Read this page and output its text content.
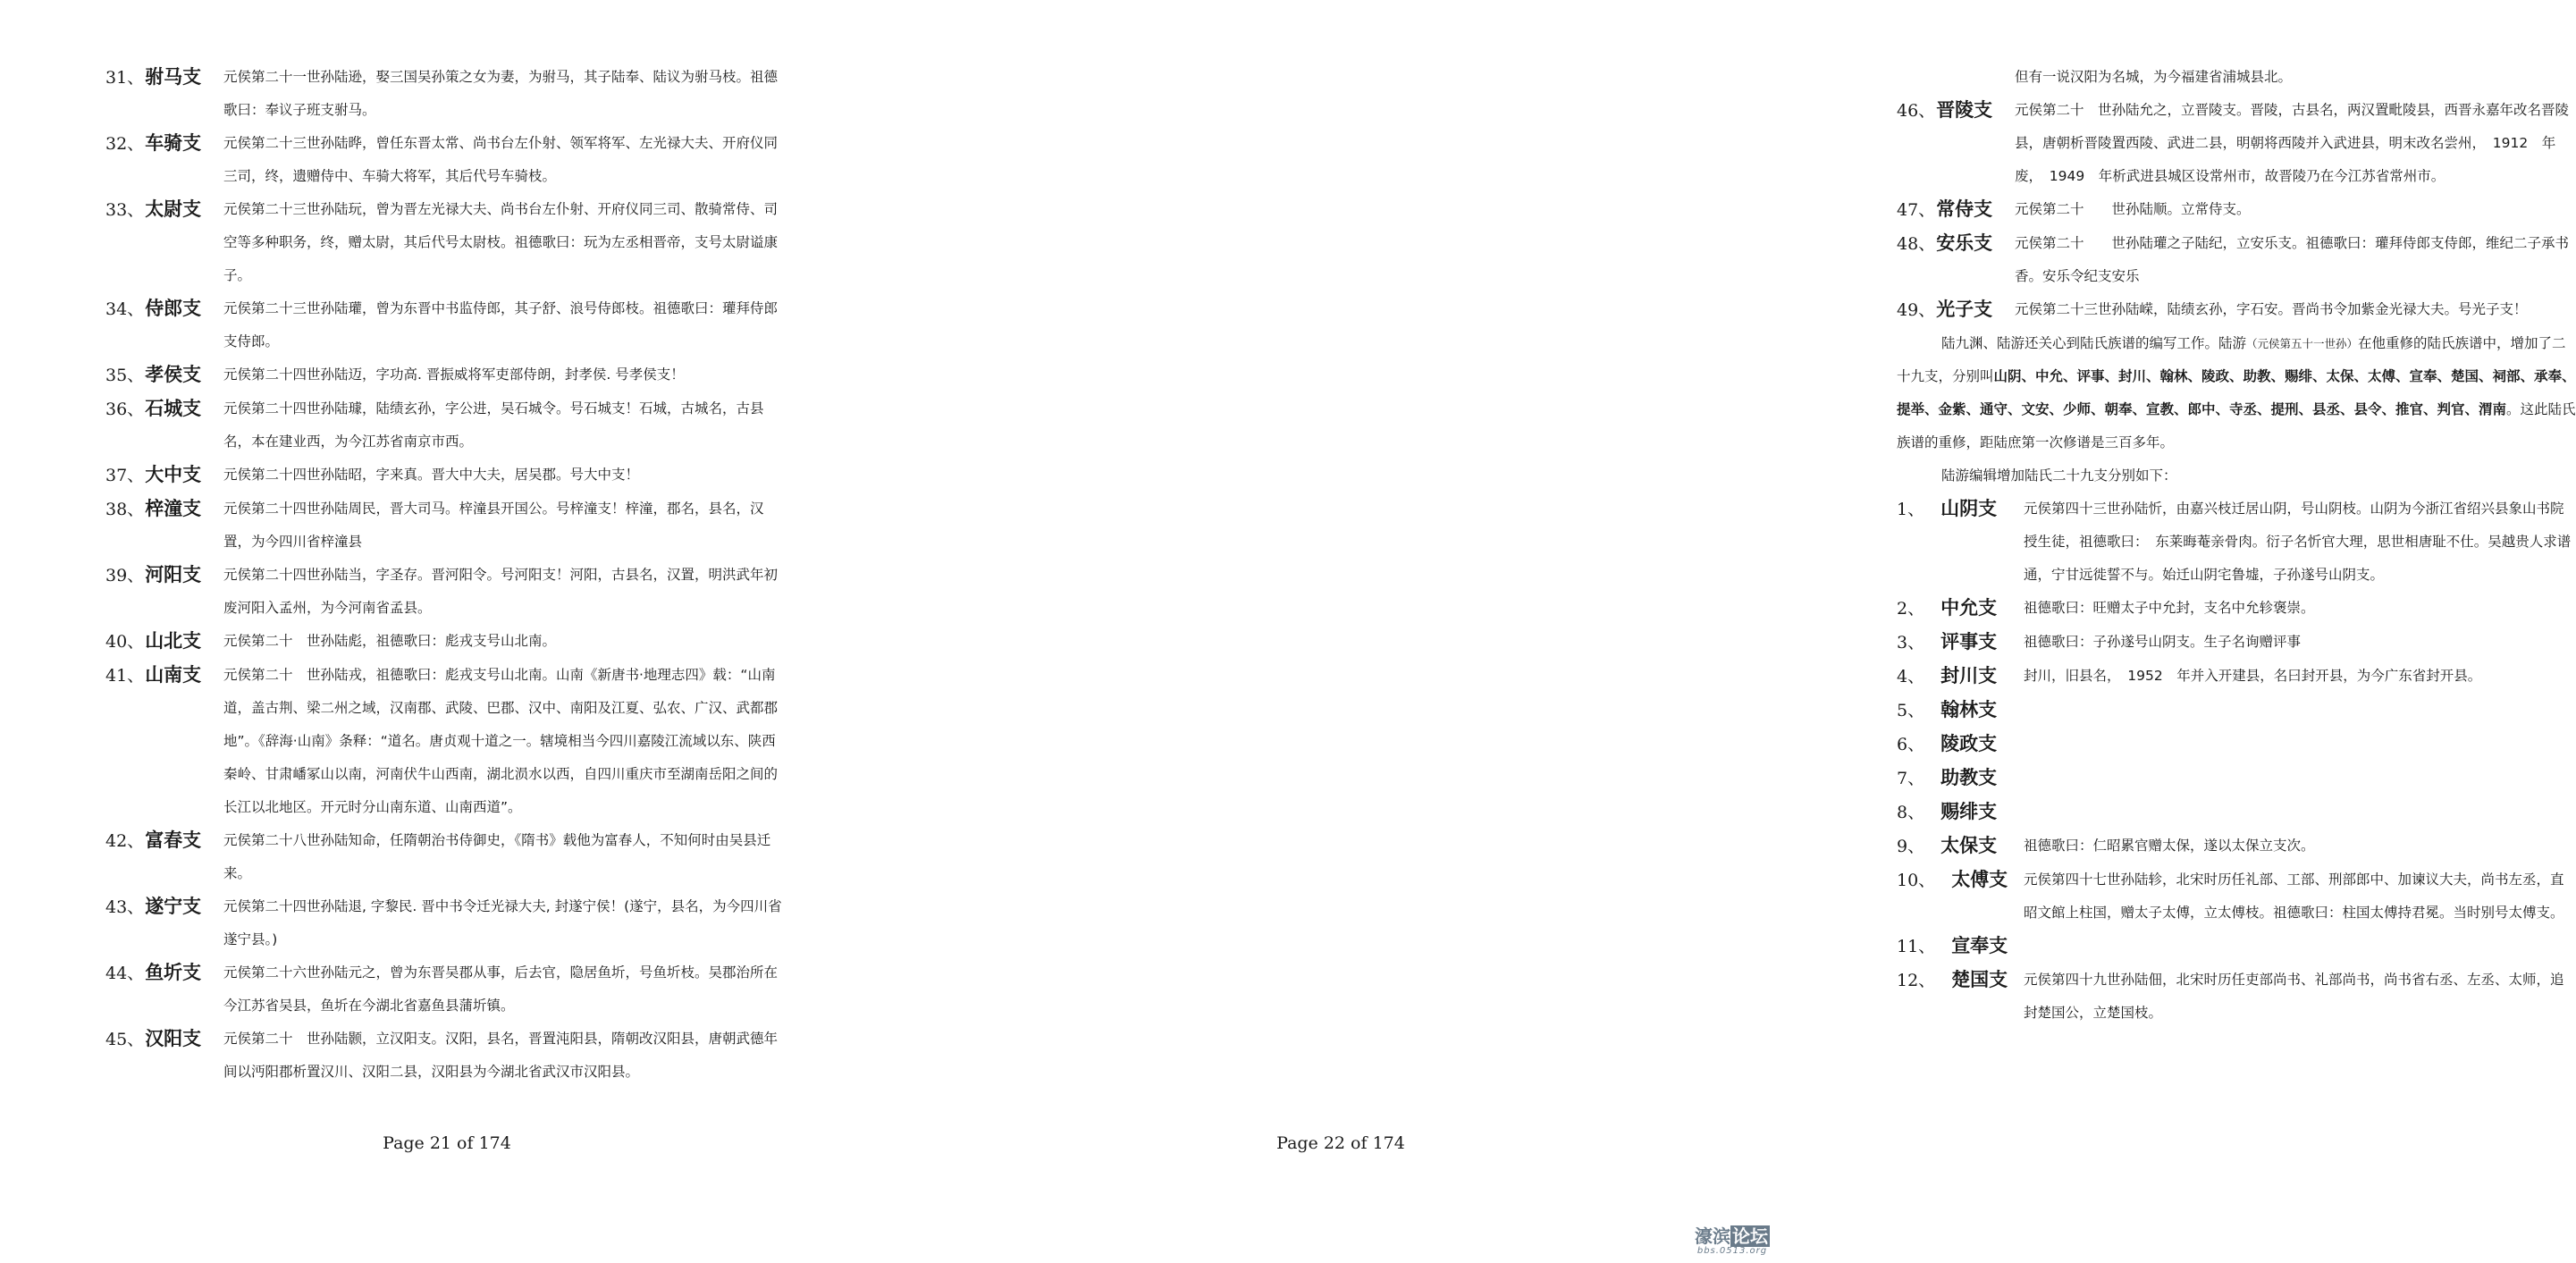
31、 驸马支 元侯第二十一世孙陆逊，娶三国吴孙策之女为妻，为驸马，其子陆奉、陆议为驸马枝。祖德歌曰：奉议子班支驸马。
32、 车骑支 元侯第二十三世孙陆晔，曾任东晋太常、尚书台左仆射、领军将军、左光禄大夫、开府仪同三司，终，遗赠侍中、车骑大将军，其后代号车骑枝。
33、 太尉支 元侯第二十三世孙陆玩，曾为晋左光禄大夫、尚书台左仆射、开府仪同三司、散骑常侍、司空等多种职务，终，赠太尉，其后代号太尉枝。祖德歌曰：玩为左丞相晋帝，支号太尉谥康子。
34、 侍郎支 元侯第二十三世孙陆瓘，曾为东晋中书监侍郎，其子舒、浪号侍郎枝。祖德歌曰：瓘拜侍郎支侍郎。
35、 孝侯支 元侯第二十四世孙陆迈，字功高. 晋振威将军吏部侍朗，封孝侯. 号孝侯支！
36、 石城支 元侯第二十四世孙陆璩，陆绩玄孙，字公进，吴石城令。号石城支！石城，古城名，古县名，本在建业西，为今江苏省南京市西。
37、 大中支 元侯第二十四世孙陆昭，字来真。晋大中大夫，居吴郡。号大中支！
38、 梓潼支 元侯第二十四世孙陆周民，晋大司马。梓潼县开国公。号梓潼支！梓潼，郡名，县名，汉置，为今四川省梓潼县
39、 河阳支 元侯第二十四世孙陆当，字圣存。晋河阳令。号河阳支！河阳，古县名，汉置，明洪武年初废河阳入孟州，为今河南省孟县。
40、 山北支 元侯第二十　世孙陆彪，祖德歌曰：彪戎支号山北南。
41、 山南支 元侯第二十　世孙陆戎，祖德歌曰：彪戎支号山北南。山南《新唐书·地理志四》载：“山南道，盖古荆、梁二州之域，汉南郡、武陵、巴郡、汉中、南阳及江夏、弘农、广汉、武都郡地”。《辞海·山南》条释：“道名。唐贞观十道之一。辖境相当今四川嘉陵江流域以东、陕西秦岭、甘肃嶓冢山以南，河南伏牛山西南，湖北涢水以西，自四川重庆市至湖南岳阳之间的长江以北地区。开元时分山南东道、山南西道”。
42、 富春支 元侯第二十八世孙陆知命，任隋朝治书侍御史，《隋书》载他为富春人，不知何时由吴县迁来。
43、 遂宁支 元侯第二十四世孙陆退, 字黎民. 晋中书令迁光禄大夫, 封遂宁侯！(遂宁，县名，为今四川省遂宁县。)
44、 鱼圻支 元侯第二十六世孙陆元之，曾为东晋吴郡从事，后去官，隐居鱼圻，号鱼圻枝。吴郡治所在今江苏省吴县，鱼圻在今湖北省嘉鱼县蒲圻镇。
45、 汉阳支 元侯第二十　世孙陆颢，立汉阳支。汉阳，县名，晋置沌阳县，隋朝改汉阳县，唐朝武德年间以沔阳郡析置汉川、汉阳二县，汉阳县为今湖北省武汉市汉阳县。
Page 21 of 174
但有一说汉阳为名城，为今福建省浦城县北。
46、 晋陵支 元侯第二十　世孙陆允之，立晋陵支。晋陵，古县名，两汉置毗陵县，西晋永嘉年改名晋陵县，唐朝析晋陵置西陵、武进二县，明朝将西陵并入武进县，明末改名尝州，　1912　年废，　1949　年析武进县城区设常州市，故晋陵乃在今江苏省常州市。
47、 常侍支 元侯第二十　　世孙陆顺。立常侍支。
48、 安乐支 元侯第二十　　世孙陆瓘之子陆纪，立安乐支。祖德歌曰：瓘拜侍郎支侍郎，维纪二子承书香。安乐令纪支安乐
49、 光子支 元侯第二十三世孙陆嵘，陆绩玄孙，字石安。晋尚书令加紫金光禄大夫。号光子支！

陆九渊、陆游还关心到陆氏族谱的编写工作。陆游（元侯第五十一世孙）在他重修的陆氏族谱中，增加了二十九支，分别叫山阴、中允、评事、封川、翰林、陵政、助教、赐绯、太保、太傅、宣奉、楚国、祠部、承奉、提举、金紫、通守、文安、少师、朝奉、宣教、郎中、寺丞、提刑、县丞、县令、推官、判官、渭南。这此陆氏族谱的重修，距陆庶第一次修谱是三百多年。

陆游编辑增加陆氏二十九支分别如下：

1、 山阴支 元侯第四十三世孙陆忻，由嘉兴枝迁居山阴，号山阴枝。山阴为今浙江省绍兴县象山书院授生徒，祖德歌曰：　东莱晦菴亲骨肉。衍子名忻官大理，思世相唐耻不仕。吴越贵人求谱通，宁甘远徙誓不与。始迁山阴宅鲁墟，子孙遂号山阴支。
2、 中允支 祖德歌曰：旺赠太子中允封，支名中允轸褒崇。
3、 评事支 祖德歌曰：子孙遂号山阴支。生子名询赠评事
4、 封川支 封川，旧县名，　1952　年并入开建县，名曰封开县，为今广东省封开县。
5、 翰林支
6、 陵政支
7、 助教支
8、 赐绯支
9、 太保支 祖德歌曰：仁昭累官赠太保，遂以太保立支次。
10、 太傅支 元侯第四十七世孙陆轸，北宋时历任礼部、工部、刑部郎中、加谏议大夫，尚书左丞，直昭文館上柱国，赠太子太傅，立太傅枝。祖德歌曰：柱国太傅持君冕。当时别号太傅支。
11、 宣奉支
12、 楚国支 元侯第四十九世孙陆佃，北宋时历任吏部尚书、礼部尚书，尚书省右丞、左丞、太师，追封楚国公，立楚国枝。
Page 22 of 174
濠滨 论坛
bbs.0513.org
